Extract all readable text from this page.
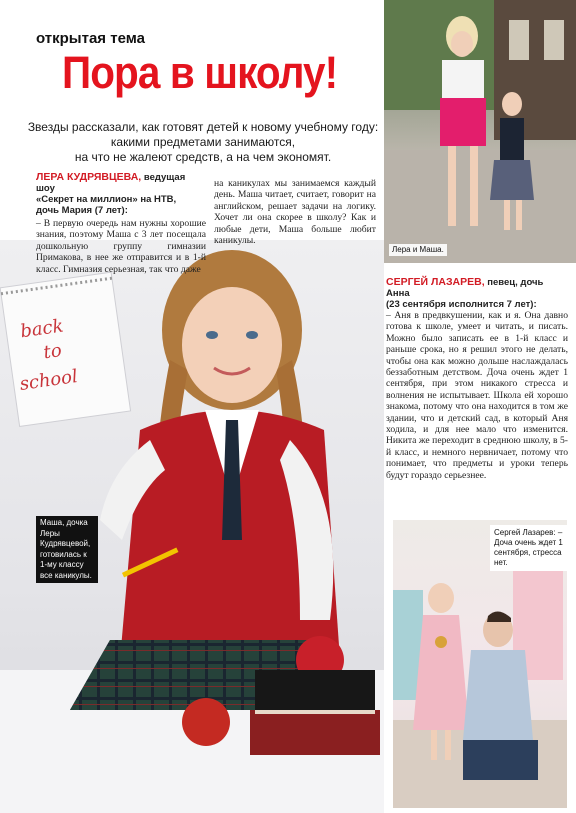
back
to
school
открытая тема
Пора в школу!
Звезды рассказали, как готовят детей к новому учебному году:
какими предметами занимаются,
на что не жалеют средств, а на чем экономят.
ЛЕРА КУДРЯВЦЕВА, ведущая шоу
«Секрет на миллион» на НТВ,
дочь Мария (7 лет):
– В первую очередь нам нужны хорошие знания, поэтому Маша с 3 лет посещала дошкольную группу гимназии Примакова, в нее же отправится и в 1-й класс. Гимназия серьезная, так что даже
на каникулах мы занимаемся каждый день. Маша читает, считает, говорит на английском, решает задачи на логику. Хочет ли она скорее в школу? Как и любые дети, Маша больше любит каникулы.
Лера и Маша.
СЕРГЕЙ ЛАЗАРЕВ, певец, дочь Анна
(23 сентября исполнится 7 лет):
– Аня в предвкушении, как и я. Она давно готова к школе, умеет и читать, и писать. Можно было записать ее в 1-й класс и раньше срока, но я решил этого не делать, чтобы она как можно дольше наслаждалась беззаботным детством. Доча очень ждет 1 сентября, при этом никакого стресса и волнения не испытывает. Школа ей хорошо знакома, потому что она находится в том же здании, что и детский сад, в который Аня ходила, и для нее мало что изменится. Никита же переходит в среднюю школу, в 5-й класс, и немного нервничает, потому что понимает, что предметы и уроки теперь будут гораздо серьезнее.
Сергей Лазарев: – Доча очень ждет 1 сентября, стресса нет.
Маша, дочка Леры Кудрявцевой, готовилась к 1-му классу все каникулы.
